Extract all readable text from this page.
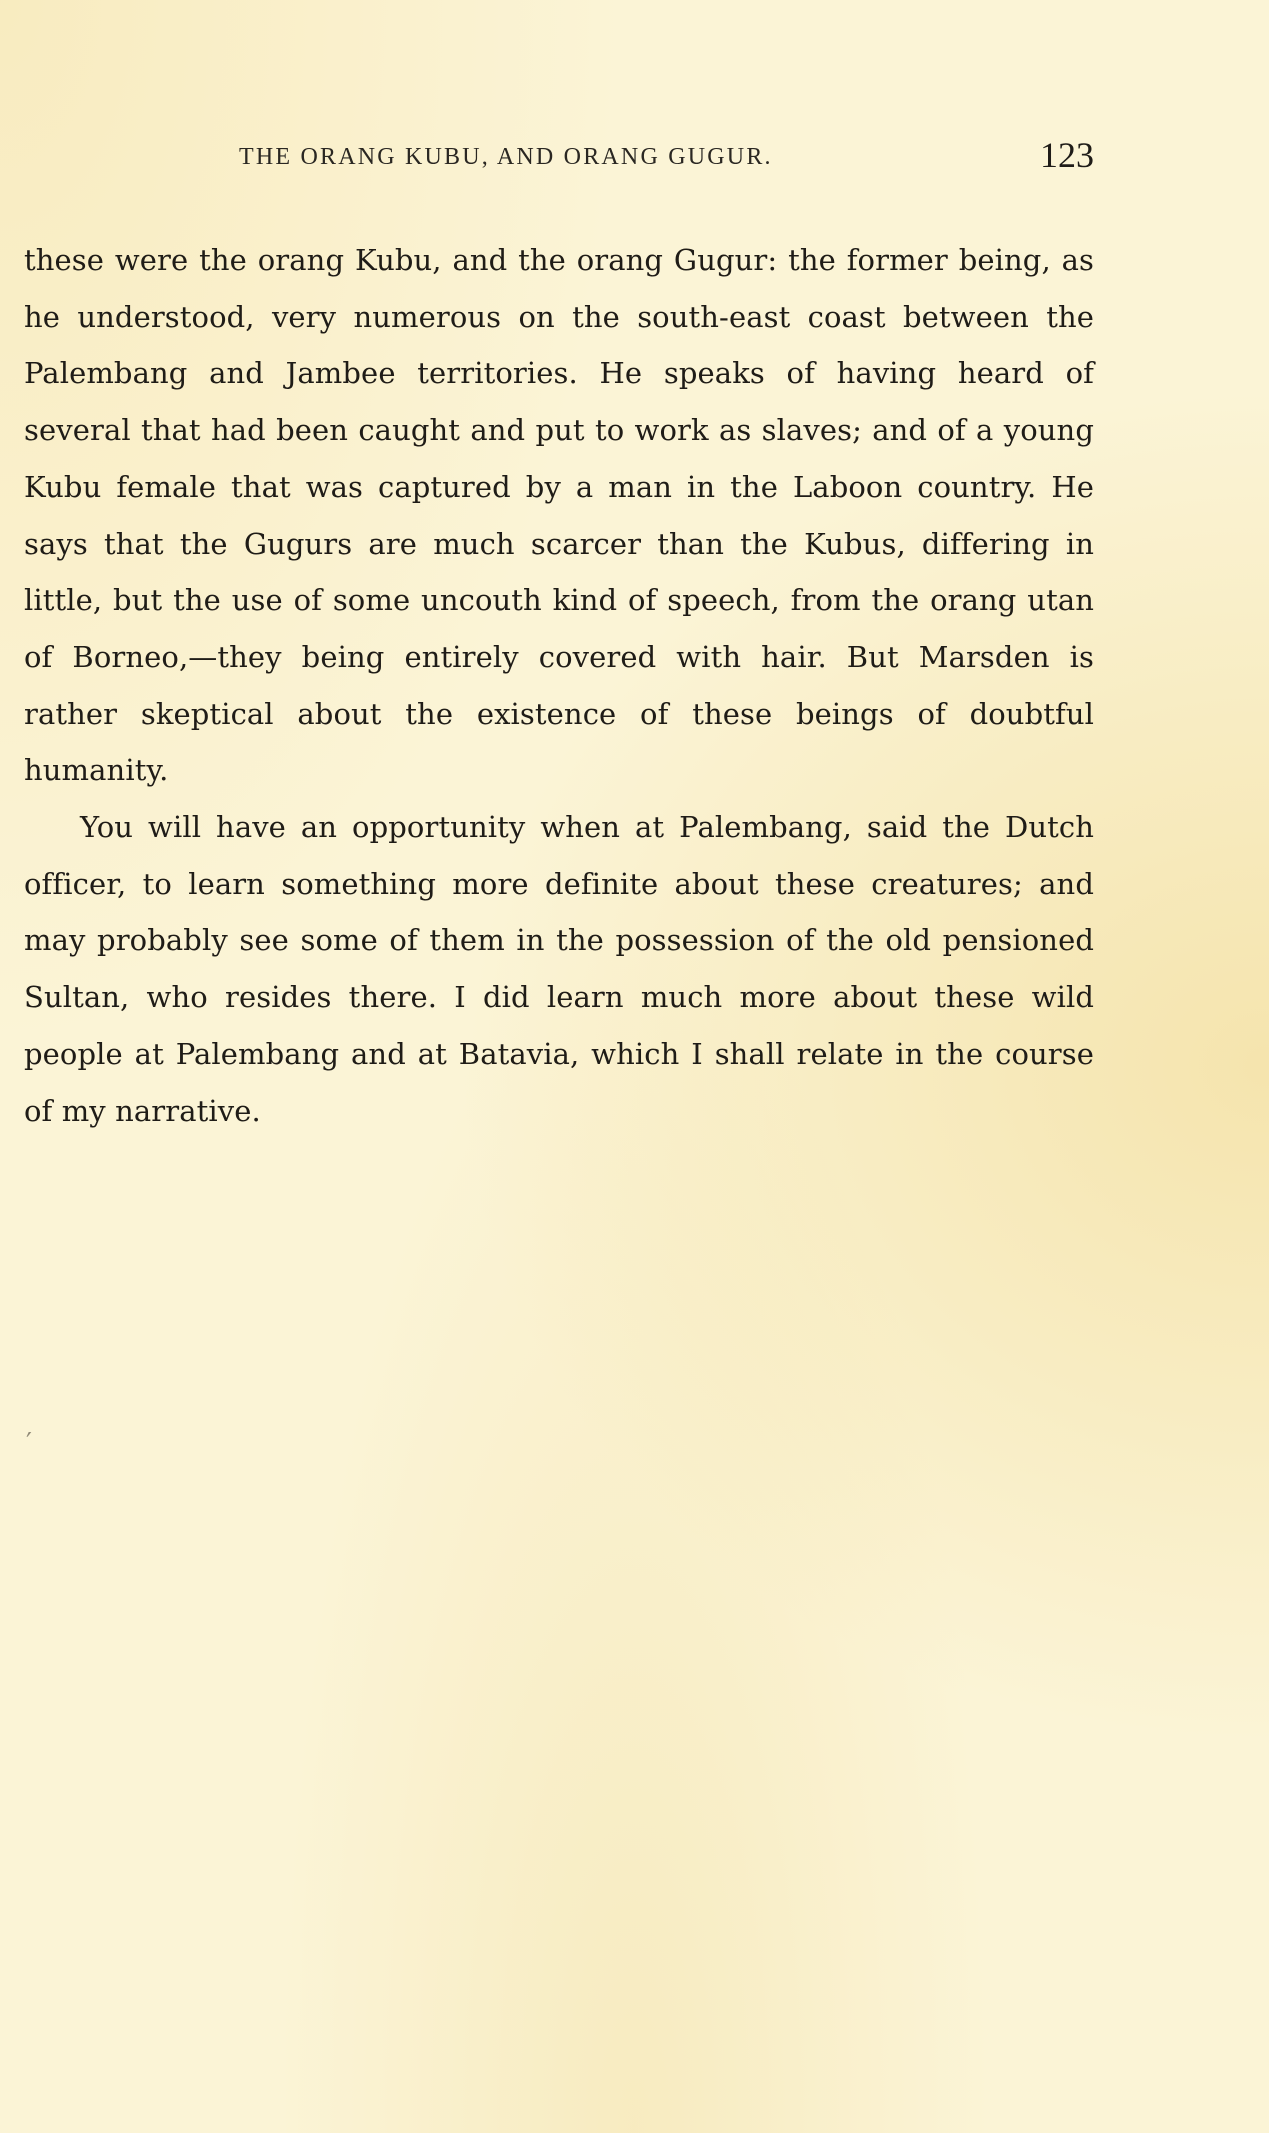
THE ORANG KUBU, AND ORANG GUGUR.	123

these were the orang Kubu, and the orang Gugur: the former being, as he understood, very numerous on the south-east coast between the Palembang and Jambee territories. He speaks of having heard of several that had been caught and put to work as slaves; and of a young Kubu female that was captured by a man in the Laboon country. He says that the Gugurs are much scarcer than the Kubus, differing in little, but the use of some uncouth kind of speech, from the orang utan of Borneo,—they being entirely covered with hair. But Marsden is rather skeptical about the existence of these beings of doubtful humanity.

You will have an opportunity when at Palembang, said the Dutch officer, to learn something more definite about these creatures; and may probably see some of them in the possession of the old pensioned Sultan, who resides there. I did learn much more about these wild people at Palembang and at Batavia, which I shall relate in the course of my narrative.

′
